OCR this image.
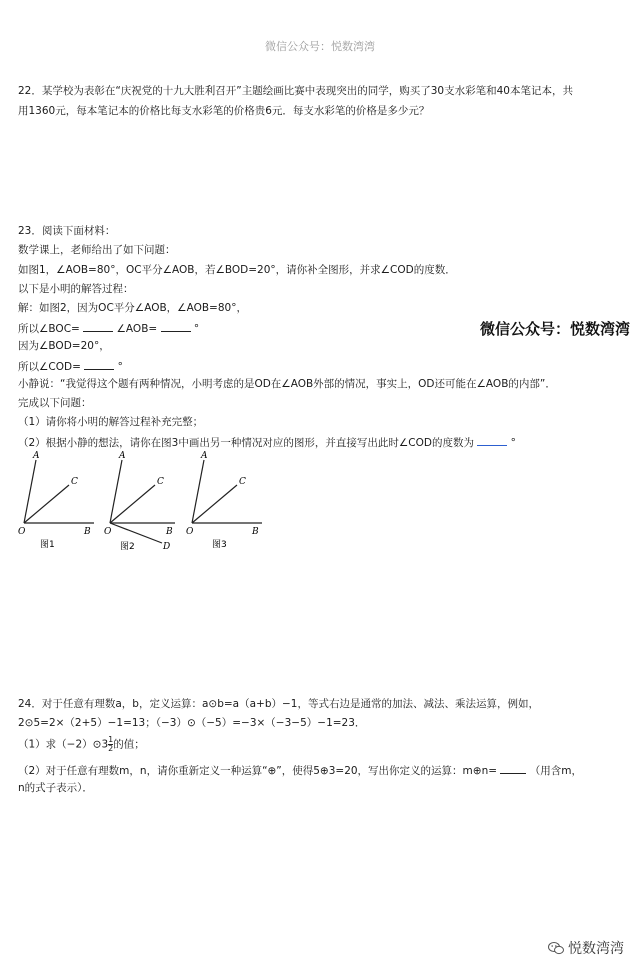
微信公众号：悦数湾湾
22．某学校为表彰在“庆祝党的十九大胜利召开”主题绘画比赛中表现突出的同学，购买了30支水彩笔和40本笔记本，共
用1360元，每本笔记本的价格比每支水彩笔的价格贵6元．每支水彩笔的价格是多少元？
23．阅读下面材料：
数学课上，老师给出了如下问题：
如图1，∠AOB=80°，OC平分∠AOB，若∠BOD=20°，请你补全图形，并求∠COD的度数．
以下是小明的解答过程：
解：如图2，因为OC平分∠AOB，∠AOB=80°，
所以∠BOC=	∠AOB=	°	微信公众号：悦数湾湾
因为∠BOD=20°，
所以∠COD=	°
小静说：“我觉得这个题有两种情况，小明考虑的是OD在∠AOB外部的情况，事实上，OD还可能在∠AOB的内部”．
完成以下问题：
（1）请你将小明的解答过程补充完整；
（2）根据小静的想法，请你在图3中画出另一种情况对应的图形，并直接写出此时∠COD的度数为	°
A
C
O	B
图1
A
C
O	B
D
图2
A
C
O	B
图3
24．对于任意有理数a，b，定义运算：a⊙b=a（a+b）−1，等式右边是通常的加法、减法、乘法运算，例如，
2⊙5=2×（2+5）−1=13；（−3）⊙（−5）=−3×（−3−5）−1=23．
（1）求（−2）⊙3 $\frac{1}{2}$ 的值；
（2）对于任意有理数m，n，请你重新定义一种运算“⊕”，使得5⊕3=20，写出你定义的运算：m⊕n=	（用含m，
n的式子表示）．
悦数湾湾
